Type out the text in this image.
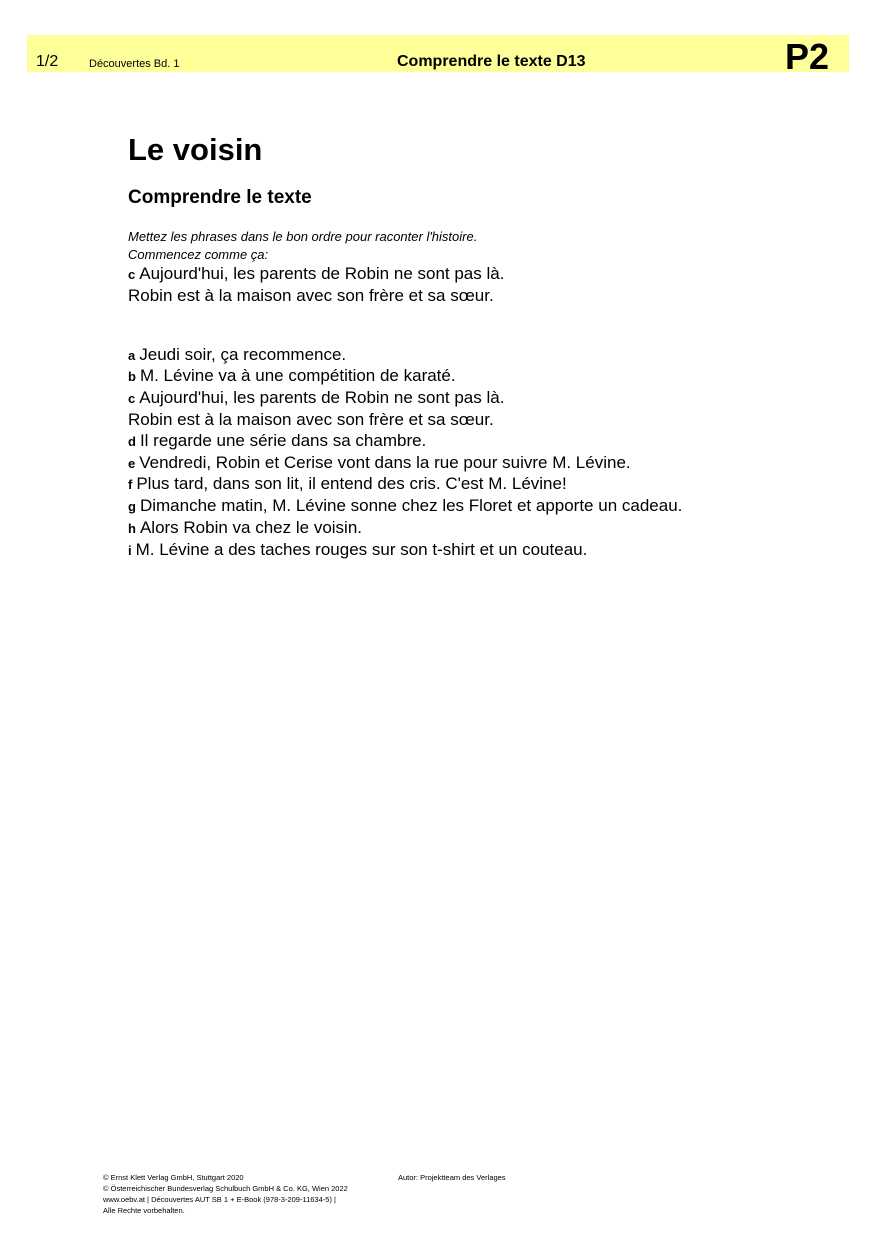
1/2	Découvertes Bd. 1	Comprendre le texte D13	P2
Le voisin
Comprendre le texte
Mettez les phrases dans le bon ordre pour raconter l'histoire.
Commencez comme ça:
c Aujourd'hui, les parents de Robin ne sont pas là.
Robin est à la maison avec son frère et sa sœur.
a Jeudi soir, ça recommence.
b M. Lévine va à une compétition de karaté.
c Aujourd'hui, les parents de Robin ne sont pas là.
Robin est à la maison avec son frère et sa sœur.
d Il regarde une série dans sa chambre.
e Vendredi, Robin et Cerise vont dans la rue pour suivre M. Lévine.
f Plus tard, dans son lit, il entend des cris. C'est M. Lévine!
g Dimanche matin, M. Lévine sonne chez les Floret et apporte un cadeau.
h Alors Robin va chez le voisin.
i M. Lévine a des taches rouges sur son t-shirt et un couteau.
© Ernst Klett Verlag GmbH, Stuttgart 2020
© Österreichischer Bundesverlag Schulbuch GmbH & Co. KG, Wien 2022
www.oebv.at | Découvertes AUT SB 1 + E-Book (978-3-209-11634-5) |
Alle Rechte vorbehalten.
Autor: Projektteam des Verlages
